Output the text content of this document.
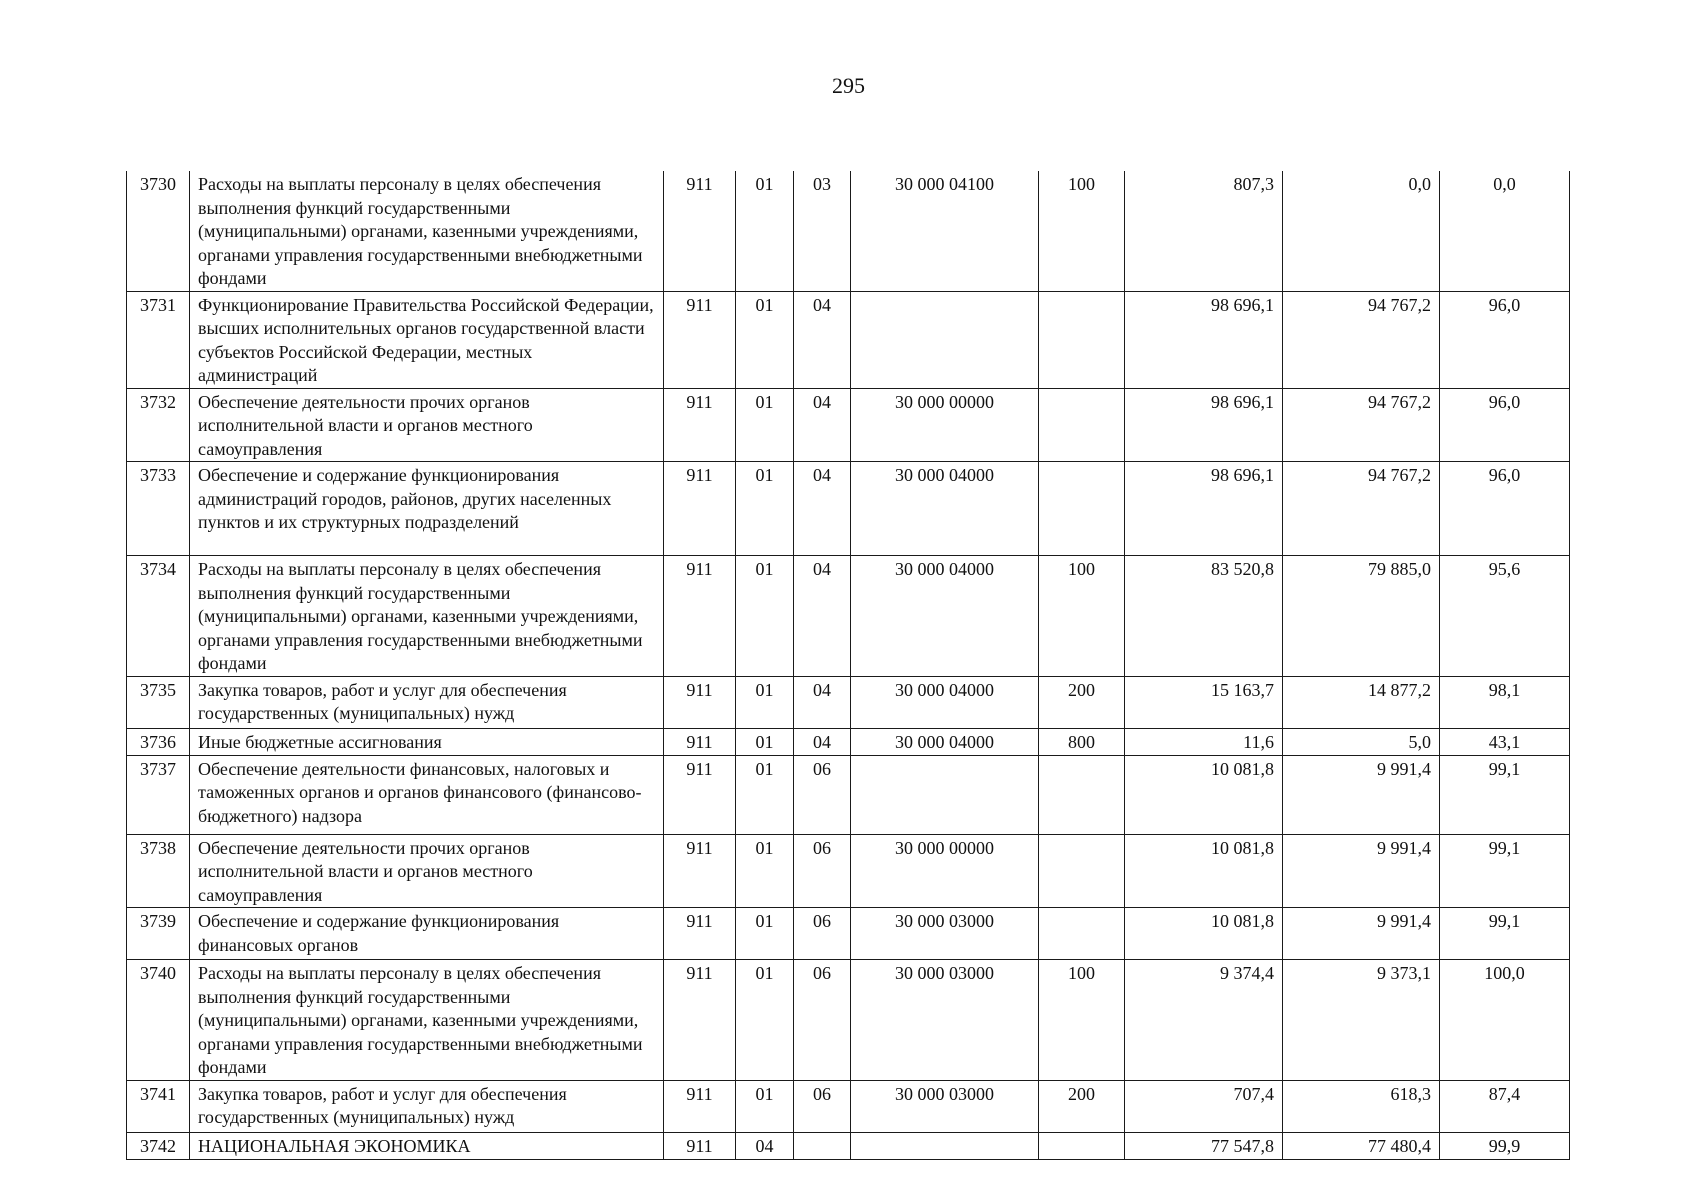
295
3730	Расходы на выплаты персоналу в целях обеспечения выполнения функций государственными (муниципальными) органами, казенными учреждениями, органами управления государственными внебюджетными фондами	911	01	03	30 000 04100	100	807,3	0,0	0,0
3731	Функционирование Правительства Российской Федерации, высших исполнительных органов государственной власти субъектов Российской Федерации, местных администраций	911	01	04			98 696,1	94 767,2	96,0
3732	Обеспечение деятельности прочих органов исполнительной власти и органов местного самоуправления	911	01	04	30 000 00000		98 696,1	94 767,2	96,0
3733	Обеспечение и содержание функционирования администраций городов, районов, других населенных пунктов и их структурных подразделений	911	01	04	30 000 04000		98 696,1	94 767,2	96,0
3734	Расходы на выплаты персоналу в целях обеспечения выполнения функций государственными (муниципальными) органами, казенными учреждениями, органами управления государственными внебюджетными фондами	911	01	04	30 000 04000	100	83 520,8	79 885,0	95,6
3735	Закупка товаров, работ и услуг для обеспечения государственных (муниципальных) нужд	911	01	04	30 000 04000	200	15 163,7	14 877,2	98,1
3736	Иные бюджетные ассигнования	911	01	04	30 000 04000	800	11,6	5,0	43,1
3737	Обеспечение деятельности финансовых, налоговых и таможенных органов и органов финансового (финансово-бюджетного) надзора	911	01	06			10 081,8	9 991,4	99,1
3738	Обеспечение деятельности прочих органов исполнительной власти и органов местного самоуправления	911	01	06	30 000 00000		10 081,8	9 991,4	99,1
3739	Обеспечение и содержание функционирования финансовых органов	911	01	06	30 000 03000		10 081,8	9 991,4	99,1
3740	Расходы на выплаты персоналу в целях обеспечения выполнения функций государственными (муниципальными) органами, казенными учреждениями, органами управления государственными внебюджетными фондами	911	01	06	30 000 03000	100	9 374,4	9 373,1	100,0
3741	Закупка товаров, работ и услуг для обеспечения государственных (муниципальных) нужд	911	01	06	30 000 03000	200	707,4	618,3	87,4
3742	НАЦИОНАЛЬНАЯ ЭКОНОМИКА	911	04				77 547,8	77 480,4	99,9
